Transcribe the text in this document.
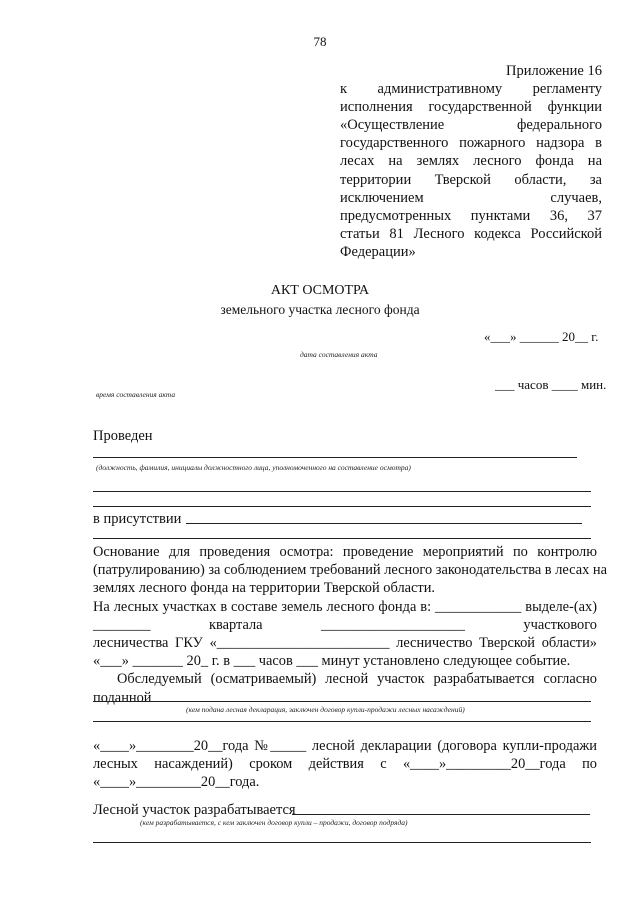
78
Приложение 16
к административному регламенту
исполнения государственной функции
«Осуществление федерального
государственного пожарного надзора в
лесах на землях лесного фонда на
территории Тверской области, за
исключением случаев,
предусмотренных пунктами 36, 37
статьи 81 Лесного кодекса Российской
Федерации»
АКТ ОСМОТРА
земельного участка лесного фонда
«___» ______ 20__ г.
дата составления акта
___ часов ____ мин.
время составления акта
Проведен
(должность, фамилия, инициалы должностного лица, уполномоченного на составление осмотра)
в присутствии
Основание для проведения осмотра: проведение мероприятий по контролю
(патрулированию) за соблюдением требований лесного законодательства в лесах на
землях лесного фонда на территории Тверской области.
На лесных участках в составе земель лесного фонда в: ____________ выделе-(ах)
________ квартала ____________________ участкового
лесничества ГКУ «________________________ лесничество Тверской области»
«___» _______ 20_ г. в ___ часов ___ минут установлено следующее событие.
Обследуемый (осматриваемый) лесной участок разрабатывается согласно
поданной
(кем подана лесная декларация, заключен договор купли-продажи лесных насаждений)
«____»________20__года №_____ лесной декларации (договора купли-продажи
лесных насаждений) сроком действия с «____»_________20__года по
«____»_________20__года.
Лесной участок разрабатывается
(кем разрабатывается, с кем заключен договор купли – продажи, договор подряда)
